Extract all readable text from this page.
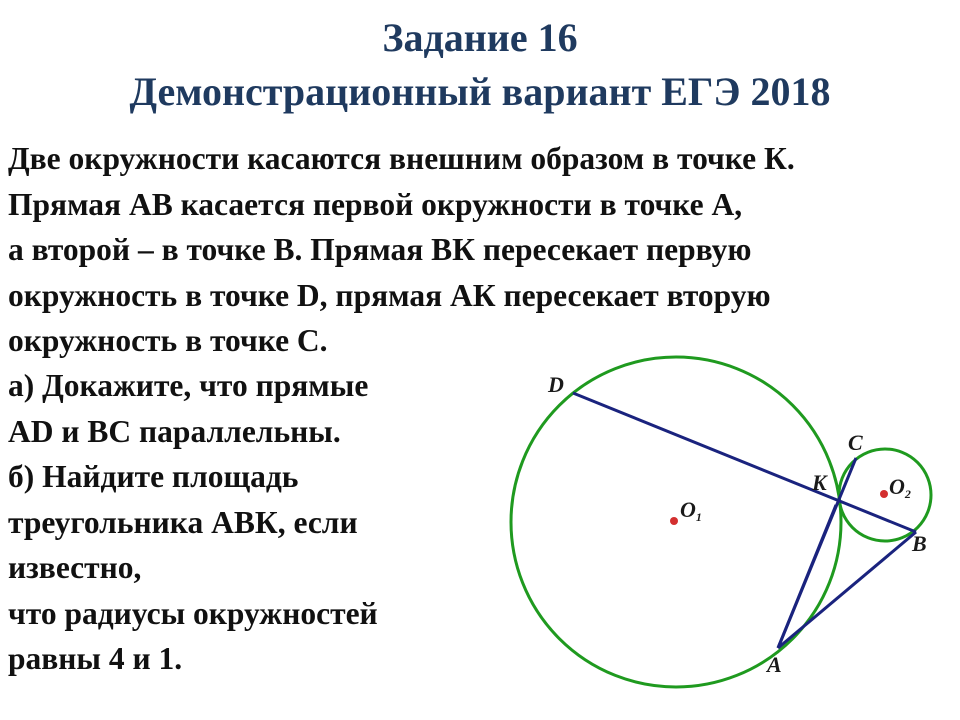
Задание 16
Демонстрационный вариант ЕГЭ 2018
Две окружности касаются внешним образом в точке К.
Прямая АВ касается первой окружности в точке А,
а второй – в точке В. Прямая ВК пересекает первую
окружность в точке D, прямая АК пересекает вторую
окружность в точке С.
а) Докажите, что прямые
AD и ВС параллельны.
б) Найдите площадь
треугольника АВК, если
известно,
что радиусы окружностей
равны 4 и 1.
D
C
K
B
A
O1
O2
